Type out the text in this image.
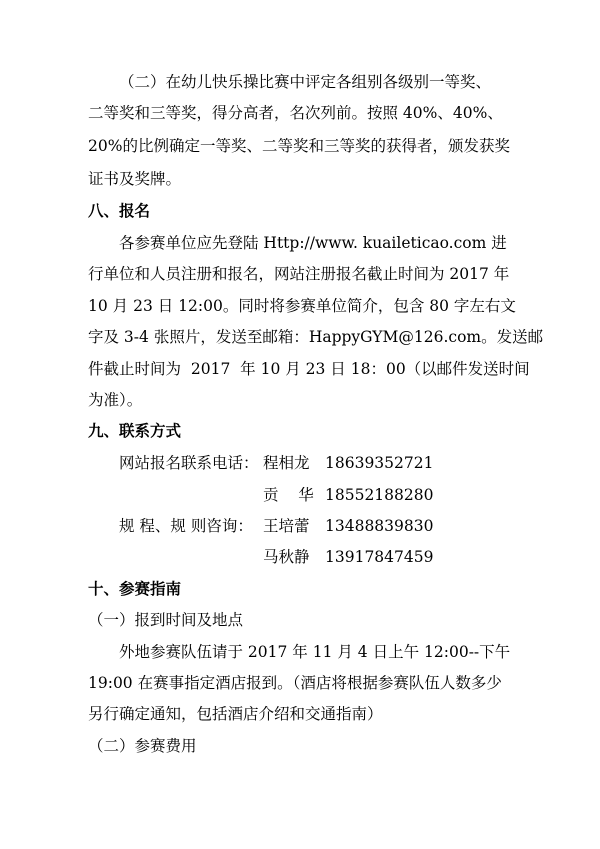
（二）在幼儿快乐操比赛中评定各组别各级别一等奖、

二等奖和三等奖，得分高者，名次列前。按照 40%、40%、

20%的比例确定一等奖、二等奖和三等奖的获得者，颁发获奖

证书及奖牌。

八、报名

各参赛单位应先登陆 Http://www. kuaileticao.com 进

行单位和人员注册和报名，网站注册报名截止时间为 2017 年

10 月 23 日 12:00。同时将参赛单位简介，包含 80 字左右文

字及 3-4 张照片，发送至邮箱：HappyGYM@126.com。发送邮

件截止时间为  2017  年 10 月 23 日 18：00（以邮件发送时间

为准）。

九、联系方式

网站报名联系电话： 程相龙 18639352721

贡    华 18552188280

规 程、规 则咨询： 王培蕾 13488839830

马秋静 13917847459

十、参赛指南

（一）报到时间及地点

外地参赛队伍请于 2017 年 11 月 4 日上午 12:00--下午

19:00 在赛事指定酒店报到。（酒店将根据参赛队伍人数多少

另行确定通知，包括酒店介绍和交通指南）

（二）参赛费用
